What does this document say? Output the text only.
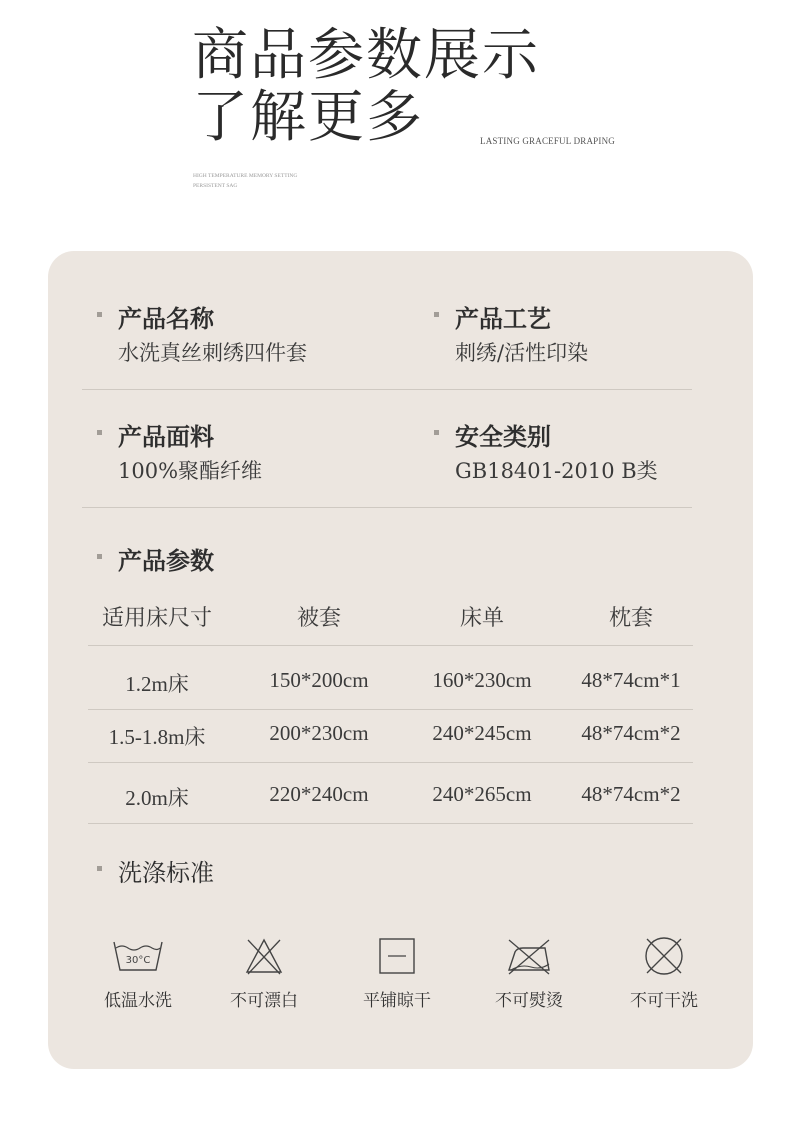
商品参数展示
了解更多	LASTING GRACEFUL DRAPING
HIGH TEMPERATURE MEMORY SETTING
PERSISTENT SAG
产品名称
水洗真丝刺绣四件套
产品工艺
刺绣/活性印染
产品面料
100%聚酯纤维
安全类别
GB18401-2010 B类
产品参数
适用床尺寸	被套	床单	枕套
1.2m床	150*200cm	160*230cm	48*74cm*1
1.5-1.8m床	200*230cm	240*245cm	48*74cm*2
2.0m床	220*240cm	240*265cm	48*74cm*2
洗涤标准
30°C
低温水洗	不可漂白	平铺晾干	不可熨烫	不可干洗
